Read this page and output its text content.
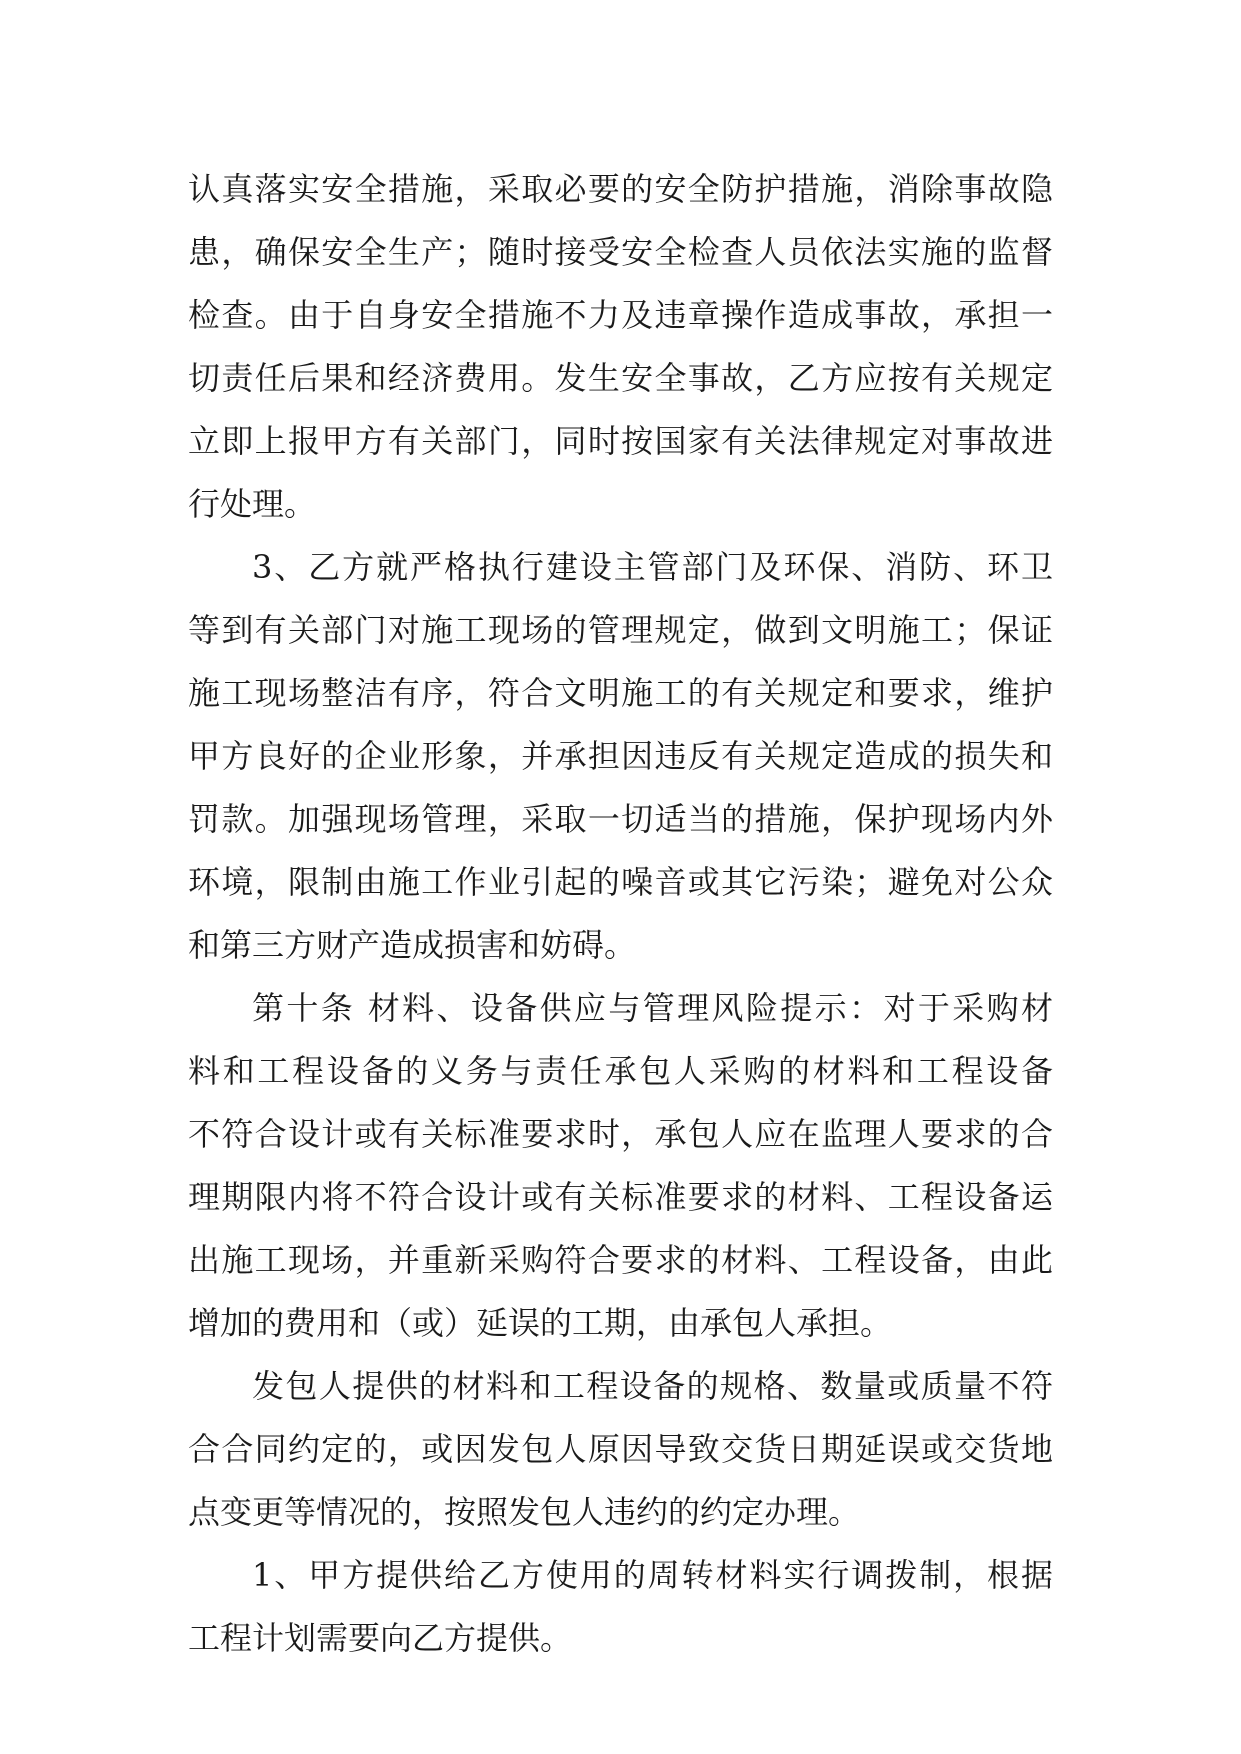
认真落实安全措施，采取必要的安全防护措施，消除事故隐
患，确保安全生产；随时接受安全检查人员依法实施的监督
检查。由于自身安全措施不力及违章操作造成事故，承担一
切责任后果和经济费用。发生安全事故，乙方应按有关规定
立即上报甲方有关部门，同时按国家有关法律规定对事故进
行处理。
3、乙方就严格执行建设主管部门及环保、消防、环卫
等到有关部门对施工现场的管理规定，做到文明施工；保证
施工现场整洁有序，符合文明施工的有关规定和要求，维护
甲方良好的企业形象，并承担因违反有关规定造成的损失和
罚款。加强现场管理，采取一切适当的措施，保护现场内外
环境，限制由施工作业引起的噪音或其它污染；避免对公众
和第三方财产造成损害和妨碍。
第十条 材料、设备供应与管理风险提示：对于采购材
料和工程设备的义务与责任承包人采购的材料和工程设备
不符合设计或有关标准要求时，承包人应在监理人要求的合
理期限内将不符合设计或有关标准要求的材料、工程设备运
出施工现场，并重新采购符合要求的材料、工程设备，由此
增加的费用和（或）延误的工期，由承包人承担。
发包人提供的材料和工程设备的规格、数量或质量不符
合合同约定的，或因发包人原因导致交货日期延误或交货地
点变更等情况的，按照发包人违约的约定办理。
1、甲方提供给乙方使用的周转材料实行调拨制，根据
工程计划需要向乙方提供。
